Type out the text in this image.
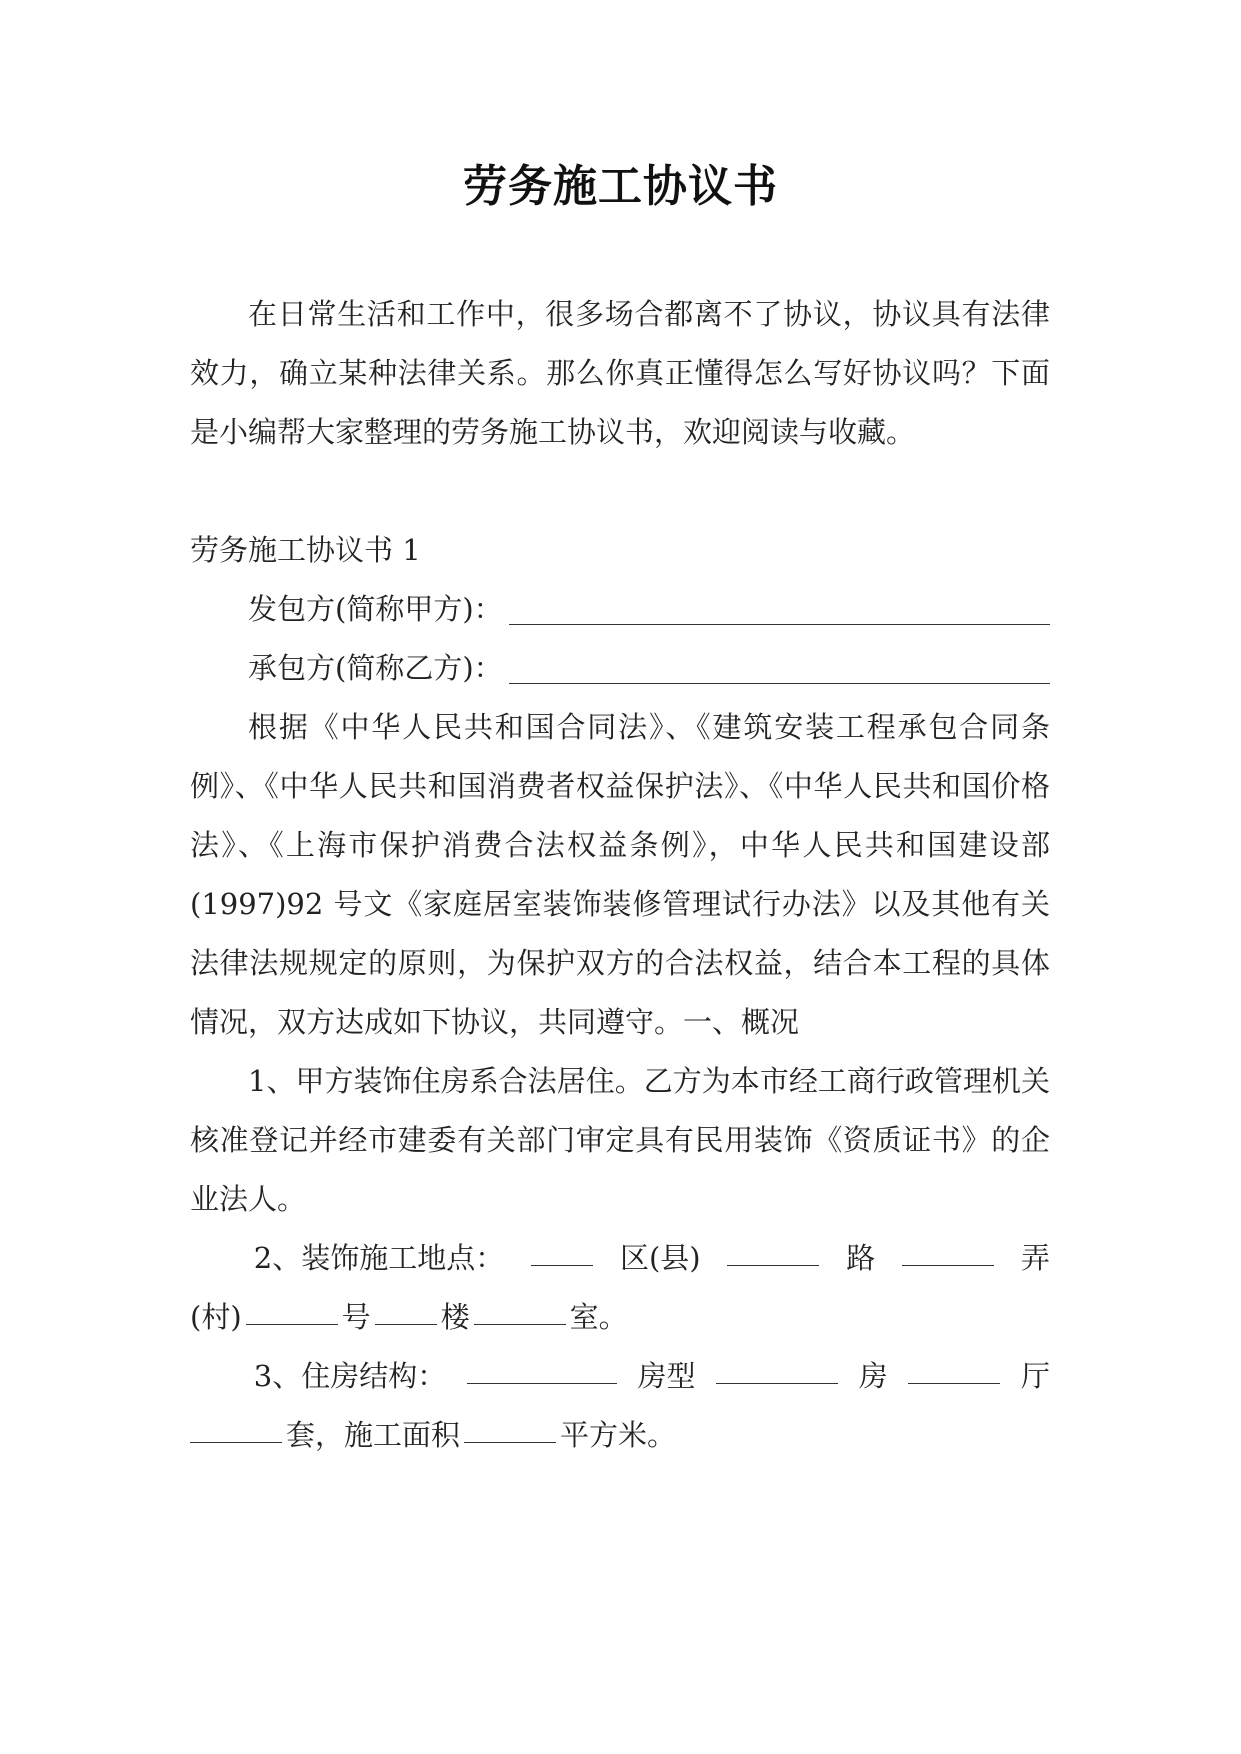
劳务施工协议书

在日常生活和工作中，很多场合都离不了协议，协议具有法律效力，确立某种法律关系。那么你真正懂得怎么写好协议吗？下面是小编帮大家整理的劳务施工协议书，欢迎阅读与收藏。

劳务施工协议书 1

发包方(简称甲方)：
承包方(简称乙方)：

根据《中华人民共和国合同法》、《建筑安装工程承包合同条例》、《中华人民共和国消费者权益保护法》、《中华人民共和国价格法》、《上海市保护消费合法权益条例》，中华人民共和国建设部(1997)92 号文《家庭居室装饰装修管理试行办法》以及其他有关法律法规规定的原则，为保护双方的合法权益，结合本工程的具体情况，双方达成如下协议，共同遵守。一、概况

1、甲方装饰住房系合法居住。乙方为本市经工商行政管理机关核准登记并经市建委有关部门审定具有民用装饰《资质证书》的企业法人。

2、装饰施工地点：	区(县)	路	弄
(村)	号 楼	室。
3、住房结构：	房型	房	厅
套，施工面积	平方米。
